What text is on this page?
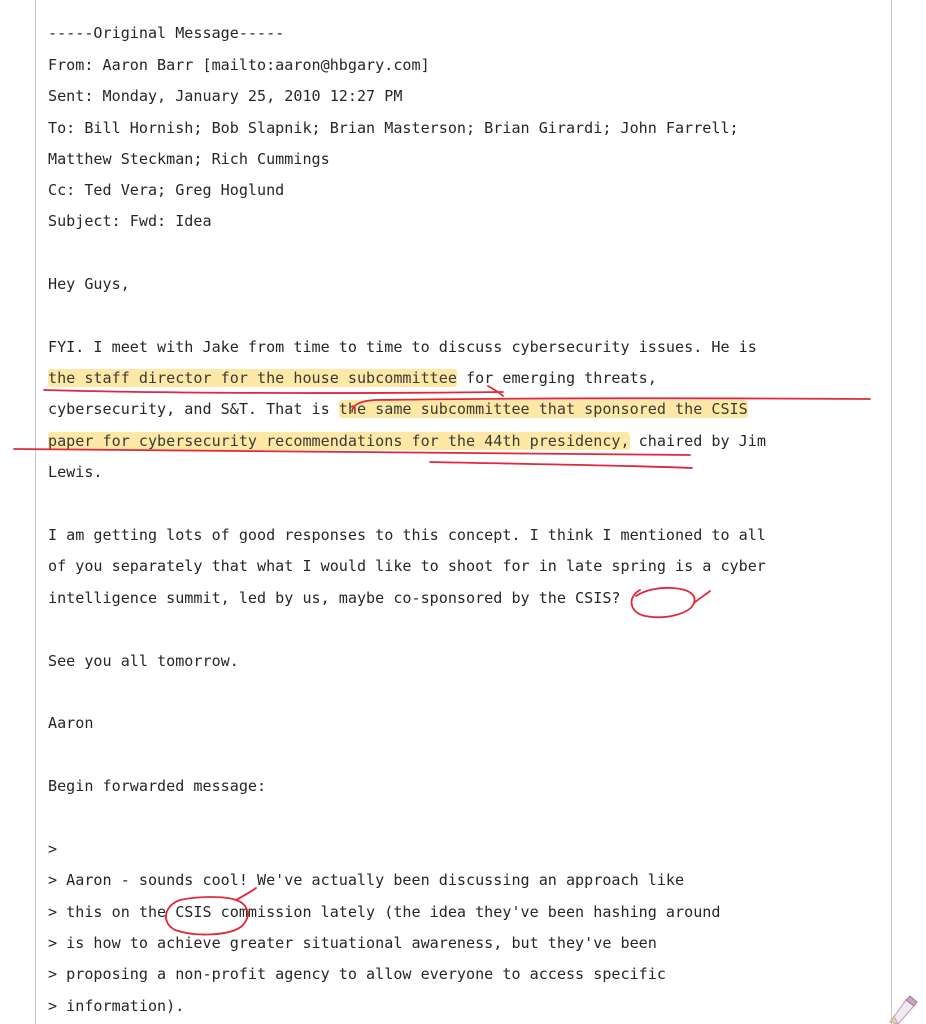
-----Original Message-----
From: Aaron Barr [mailto:aaron@hbgary.com]
Sent: Monday, January 25, 2010 12:27 PM
To: Bill Hornish; Bob Slapnik; Brian Masterson; Brian Girardi; John Farrell;
Matthew Steckman; Rich Cummings
Cc: Ted Vera; Greg Hoglund
Subject: Fwd: Idea
Hey Guys,
FYI. I meet with Jake from time to time to discuss cybersecurity issues. He is
the staff director for the house subcommittee for emerging threats,
cybersecurity, and S&T. That is the same subcommittee that sponsored the CSIS
paper for cybersecurity recommendations for the 44th presidency, chaired by Jim
Lewis.
I am getting lots of good responses to this concept. I think I mentioned to all
of you separately that what I would like to shoot for in late spring is a cyber
intelligence summit, led by us, maybe co-sponsored by the CSIS?
See you all tomorrow.
Aaron
Begin forwarded message:
>
> Aaron - sounds cool! We've actually been discussing an approach like
> this on the CSIS commission lately (the idea they've been hashing around
> is how to achieve greater situational awareness, but they've been
> proposing a non-profit agency to allow everyone to access specific
> information).
